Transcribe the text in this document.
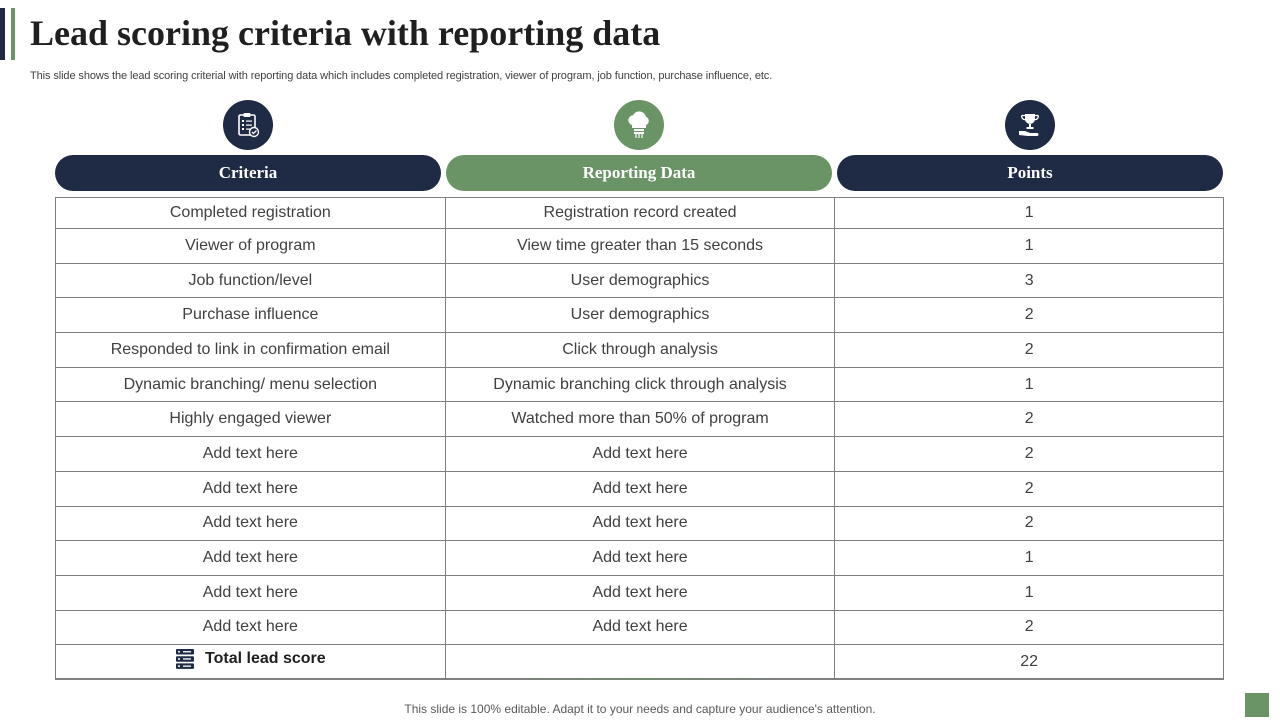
Lead scoring criteria with reporting data

This slide shows the lead scoring criterial with reporting data which includes completed registration, viewer of program, job function, purchase influence, etc.

Criteria	Reporting Data	Points
Completed registration	Registration record created	1
Viewer of program	View time greater than 15 seconds	1
Job function/level	User demographics	3
Purchase influence	User demographics	2
Responded to link in confirmation email	Click through analysis	2
Dynamic branching/ menu selection	Dynamic branching click through analysis	1
Highly engaged viewer	Watched more than 50% of program	2
Add text here	Add text here	2
Add text here	Add text here	2
Add text here	Add text here	2
Add text here	Add text here	1
Add text here	Add text here	1
Add text here	Add text here	2

Total lead score		22

This slide is 100% editable. Adapt it to your needs and capture your audience's attention.
